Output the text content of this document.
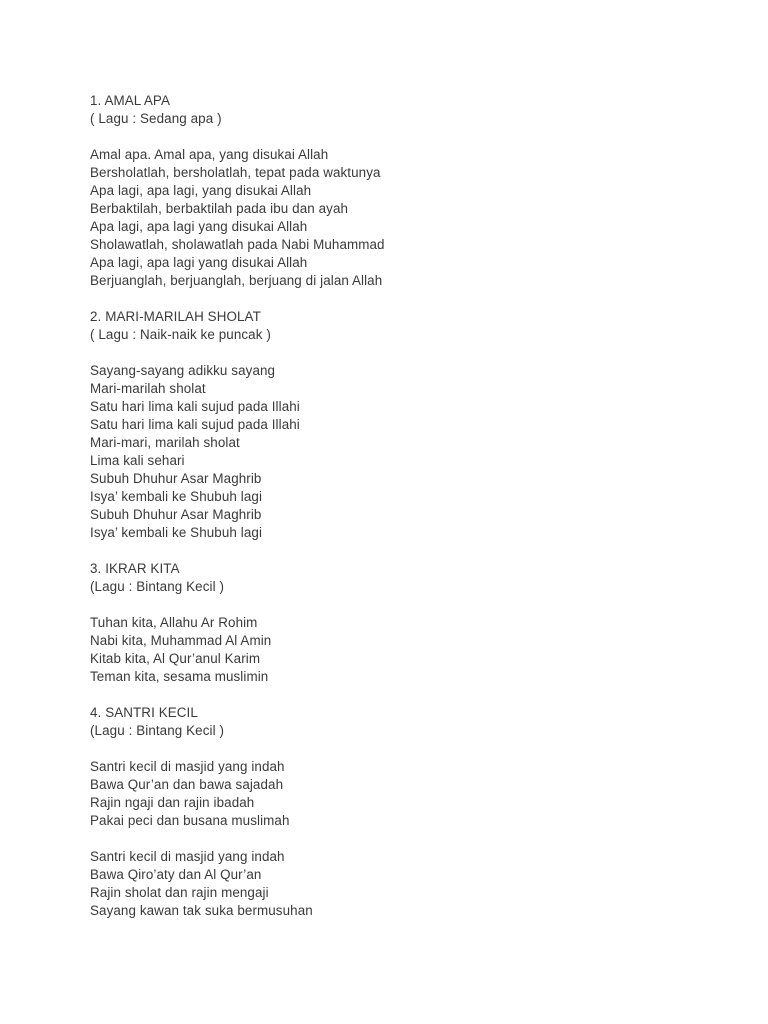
1. AMAL APA
( Lagu : Sedang apa )
Amal apa. Amal apa, yang disukai Allah
Bersholatlah, bersholatlah, tepat pada waktunya
Apa lagi, apa lagi, yang disukai Allah
Berbaktilah, berbaktilah pada ibu dan ayah
Apa lagi, apa lagi yang disukai Allah
Sholawatlah, sholawatlah pada Nabi Muhammad
Apa lagi, apa lagi yang disukai Allah
Berjuanglah, berjuanglah, berjuang di jalan Allah
2. MARI-MARILAH SHOLAT
( Lagu : Naik-naik ke puncak )
Sayang-sayang adikku sayang
Mari-marilah sholat
Satu hari lima kali sujud pada Illahi
Satu hari lima kali sujud pada Illahi
Mari-mari, marilah sholat
Lima kali sehari
Subuh Dhuhur Asar Maghrib
Isya’ kembali ke Shubuh lagi
Subuh Dhuhur Asar Maghrib
Isya’ kembali ke Shubuh lagi
3. IKRAR KITA
(Lagu : Bintang Kecil )
Tuhan kita, Allahu Ar Rohim
Nabi kita, Muhammad Al Amin
Kitab kita, Al Qur’anul Karim
Teman kita, sesama muslimin
4. SANTRI KECIL
(Lagu : Bintang Kecil )
Santri kecil di masjid yang indah
Bawa Qur’an dan bawa sajadah
Rajin ngaji dan rajin ibadah
Pakai peci dan busana muslimah
Santri kecil di masjid yang indah
Bawa Qiro’aty dan Al Qur’an
Rajin sholat dan rajin mengaji
Sayang kawan tak suka bermusuhan
